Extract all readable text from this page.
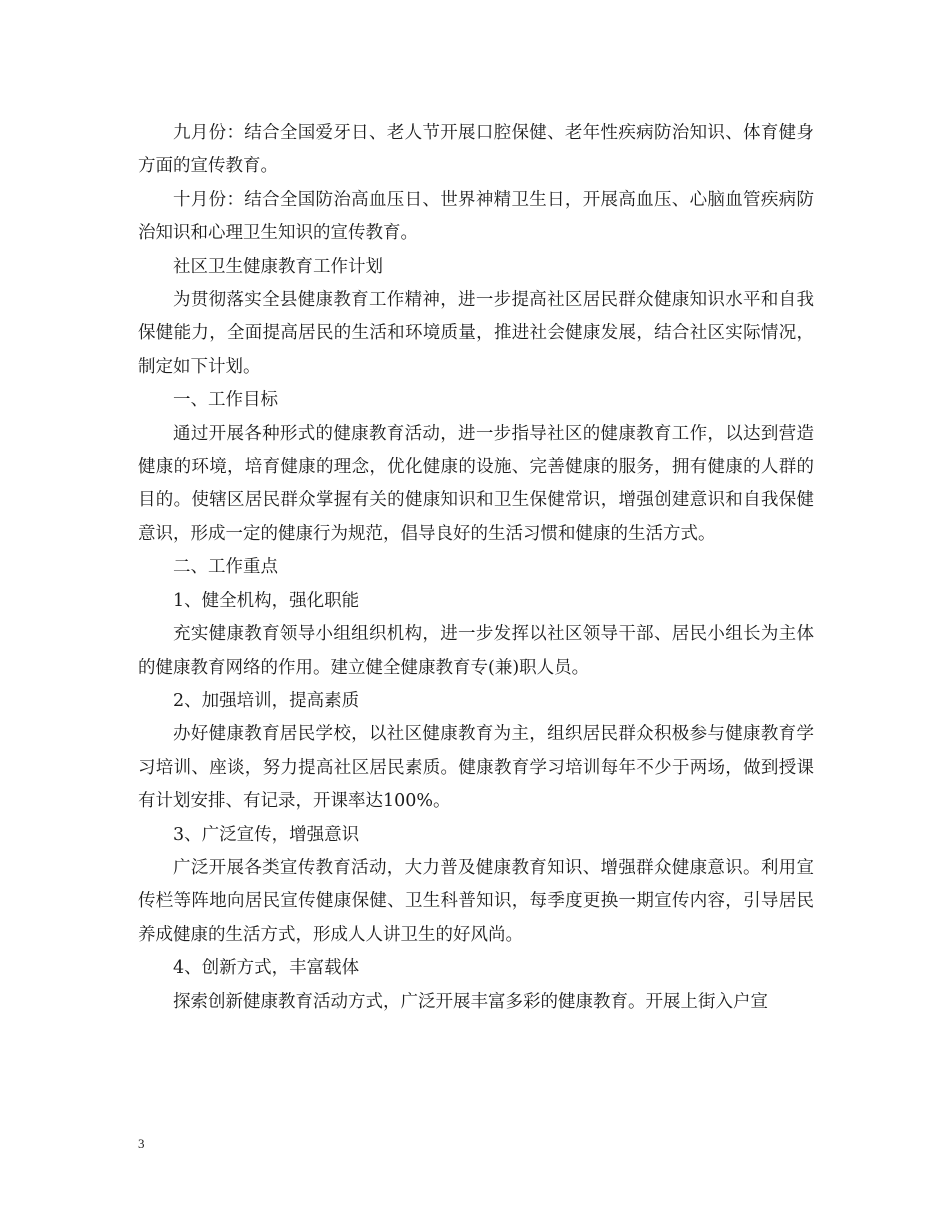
九月份：结合全国爱牙日、老人节开展口腔保健、老年性疾病防治知识、体育健身方面的宣传教育。

十月份：结合全国防治高血压日、世界神精卫生日，开展高血压、心脑血管疾病防治知识和心理卫生知识的宣传教育。

社区卫生健康教育工作计划

为贯彻落实全县健康教育工作精神，进一步提高社区居民群众健康知识水平和自我保健能力，全面提高居民的生活和环境质量，推进社会健康发展，结合社区实际情况，制定如下计划。

一、工作目标

通过开展各种形式的健康教育活动，进一步指导社区的健康教育工作，以达到营造健康的环境，培育健康的理念，优化健康的设施、完善健康的服务，拥有健康的人群的目的。使辖区居民群众掌握有关的健康知识和卫生保健常识，增强创建意识和自我保健意识，形成一定的健康行为规范，倡导良好的生活习惯和健康的生活方式。

二、工作重点

1、健全机构，强化职能

充实健康教育领导小组组织机构，进一步发挥以社区领导干部、居民小组长为主体的健康教育网络的作用。建立健全健康教育专(兼)职人员。

2、加强培训，提高素质

办好健康教育居民学校，以社区健康教育为主，组织居民群众积极参与健康教育学习培训、座谈，努力提高社区居民素质。健康教育学习培训每年不少于两场，做到授课有计划安排、有记录，开课率达100%。

3、广泛宣传，增强意识

广泛开展各类宣传教育活动，大力普及健康教育知识、增强群众健康意识。利用宣传栏等阵地向居民宣传健康保健、卫生科普知识，每季度更换一期宣传内容，引导居民养成健康的生活方式，形成人人讲卫生的好风尚。

4、创新方式，丰富载体

探索创新健康教育活动方式，广泛开展丰富多彩的健康教育。开展上街入户宣

3
